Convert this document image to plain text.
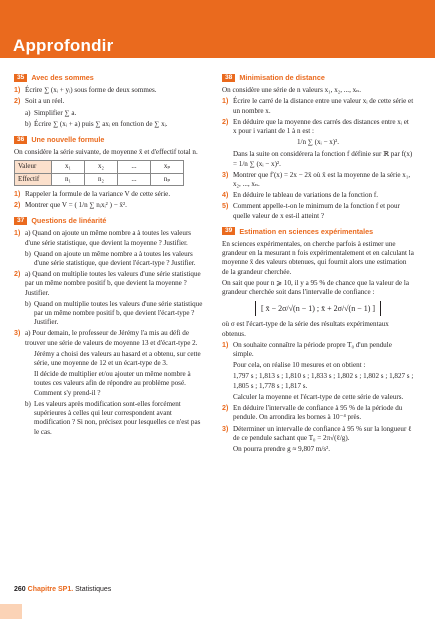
Approfondir
35 Avec des sommes
1) Écrire ∑ (xᵢ + yᵢ) sous forme de deux sommes.
2) Soit a un réel.
a) Simplifier ∑ a.
b) Écrire ∑ (xᵢ + a) puis ∑ axᵢ en fonction de ∑ xᵢ.
36 Une nouvelle formule

On considère la série suivante, de moyenne x̄ et d'effectif total n.

Valeur	x₁	x₂	...	xₚ
Effectif	n₁	n₂	...	nₚ
1) Rappeler la formule de la variance V de cette série.
2) Montrer que V = ( 1/n ∑ nᵢxᵢ² ) − x̄².
37 Questions de linéarité
1) a) Quand on ajoute un même nombre a à toutes les valeurs d'une série statistique, que devient la moyenne ? Justifier.
b) Quand on ajoute un même nombre a à toutes les valeurs d'une série statistique, que devient l'écart-type ? Justifier.
2) a) Quand on multiplie toutes les valeurs d'une série statistique par un même nombre positif b, que devient la moyenne ? Justifier.
b) Quand on multiplie toutes les valeurs d'une série statistique par un même nombre positif b, que devient l'écart-type ? Justifier.
3) a) Pour demain, le professeur de Jérémy l'a mis au défi de trouver une série de valeurs de moyenne 13 et d'écart-type 2.

Jérémy a choisi des valeurs au hasard et a obtenu, sur cette série, une moyenne de 12 et un écart-type de 3.

Il décide de multiplier et/ou ajouter un même nombre à toutes ces valeurs afin de répondre au problème posé. Comment s'y prend-il ?

b) Les valeurs après modification sont-elles forcément supérieures à celles qui leur correspondent avant modification ? Si non, précisez pour lesquelles ce n'est pas le cas.
38 Minimisation de distance

On considère une série de n valeurs x₁, x₂, ..., xₙ.

1) Écrire le carré de la distance entre une valeur xᵢ de cette série et un nombre x.
2) En déduire que la moyenne des carrés des distances entre xᵢ et x pour i variant de 1 à n est :
1/n ∑ (xᵢ − x)².

Dans la suite on considérera la fonction f définie sur ℝ par f(x) = 1/n ∑ (xᵢ − x)².

3) Montrer que f′(x) = 2x − 2x̄ où x̄ est la moyenne de la série x₁, x₂, ..., xₙ.
4) En déduire le tableau de variations de la fonction f.
5) Comment appelle-t-on le minimum de la fonction f et pour quelle valeur de x est-il atteint ?
39 Estimation en sciences expérimentales

En sciences expérimentales, on cherche parfois à estimer une grandeur en la mesurant n fois expérimentalement et en calculant la moyenne x̄ des valeurs obtenues, qui fournit alors une estimation de la grandeur cherchée.

On sait que pour n ⩾ 10, il y a 95 % de chance que la valeur de la grandeur cherchée soit dans l'intervalle de confiance :

[ x̄ − 2σ/√(n − 1) ; x̄ + 2σ/√(n − 1) ]

où σ est l'écart-type de la série des résultats expérimentaux obtenus.

1) On souhaite connaître la période propre T₀ d'un pendule simple.

Pour cela, on réalise 10 mesures et on obtient :

1,797 s ; 1,813 s ; 1,810 s ; 1,833 s ; 1,802 s ; 1,802 s ; 1,827 s ; 1,805 s ; 1,778 s ; 1,817 s.

Calculer la moyenne et l'écart-type de cette série de valeurs.

2) En déduire l'intervalle de confiance à 95 % de la période du pendule. On arrondira les bornes à 10⁻⁴ près.
3) Déterminer un intervalle de confiance à 95 % sur la longueur ℓ de ce pendule sachant que T₀ = 2π√(ℓ/g).

On pourra prendre g ≈ 9,807 m/s².

260 Chapitre SP1. Statistiques
